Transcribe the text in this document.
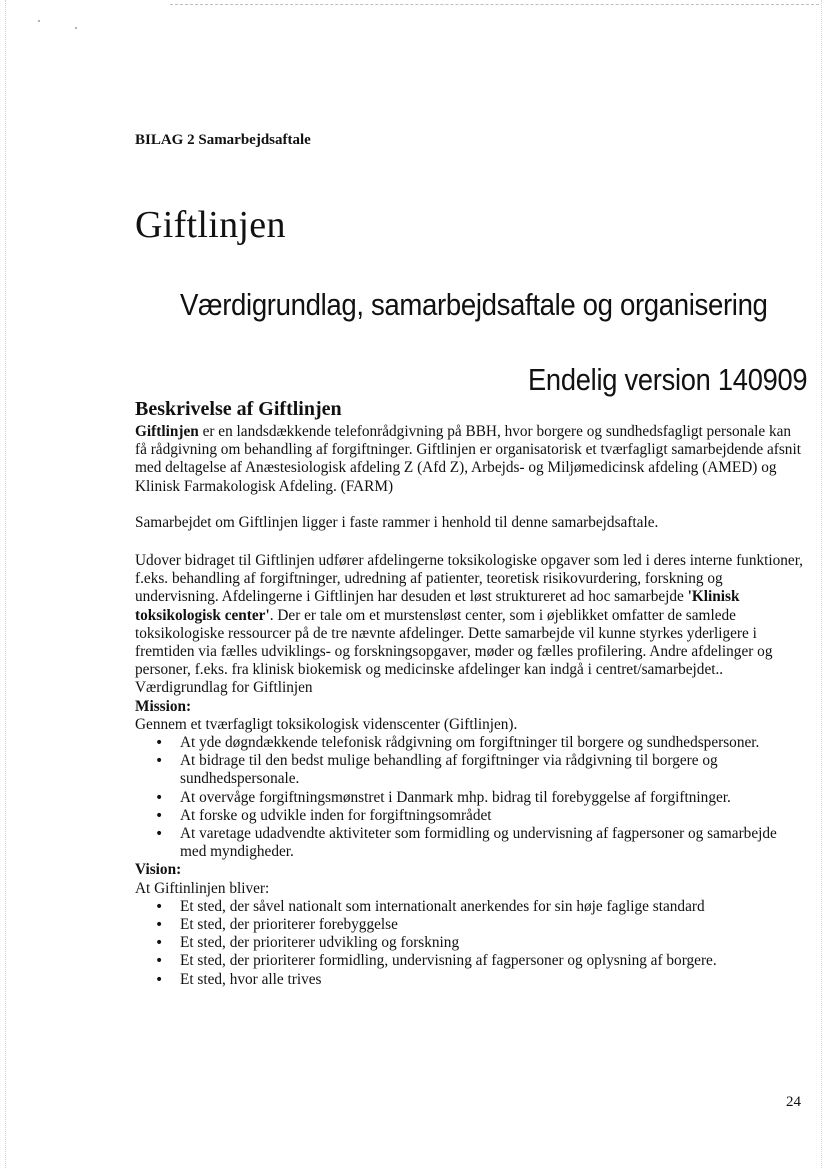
BILAG 2 Samarbejdsaftale
Giftlinjen
Værdigrundlag, samarbejdsaftale og organisering
Endelig version 140909
Beskrivelse af Giftlinjen

Giftlinjen er en landsdækkende telefonrådgivning på BBH, hvor borgere og sundhedsfagligt personale kan få rådgivning om behandling af forgiftninger. Giftlinjen er organisatorisk et tværfagligt samarbejdende afsnit med deltagelse af Anæstesiologisk afdeling Z (Afd Z), Arbejds- og Miljømedicinsk afdeling (AMED) og Klinisk Farmakologisk Afdeling. (FARM)

Samarbejdet om Giftlinjen ligger i faste rammer i henhold til denne samarbejdsaftale.

Udover bidraget til Giftlinjen udfører afdelingerne toksikologiske opgaver som led i deres interne funktioner, f.eks. behandling af forgiftninger, udredning af patienter, teoretisk risikovurdering, forskning og undervisning. Afdelingerne i Giftlinjen har desuden et løst struktureret ad hoc samarbejde 'Klinisk toksikologisk center'. Der er tale om et murstensløst center, som i øjeblikket omfatter de samlede toksikologiske ressourcer på de tre nævnte afdelinger. Dette samarbejde vil kunne styrkes yderligere i fremtiden via fælles udviklings- og forskningsopgaver, møder og fælles profilering. Andre afdelinger og personer, f.eks. fra klinisk biokemisk og medicinske afdelinger kan indgå i centret/samarbejdet..

Værdigrundlag for Giftlinjen

Mission:

Gennem et tværfagligt toksikologisk videnscenter (Giftlinjen).

• At yde døgndækkende telefonisk rådgivning om forgiftninger til borgere og sundhedspersoner.
• At bidrage til den bedst mulige behandling af forgiftninger via rådgivning til borgere og sundhedspersonale.
• At overvåge forgiftningsmønstret i Danmark mhp. bidrag til forebyggelse af forgiftninger.
• At forske og udvikle inden for forgiftningsområdet
• At varetage udadvendte aktiviteter som formidling og undervisning af fagpersoner og samarbejde med myndigheder.

Vision:

At Giftinlinjen bliver:

• Et sted, der såvel nationalt som internationalt anerkendes for sin høje faglige standard
• Et sted, der prioriterer forebyggelse
• Et sted, der prioriterer udvikling og forskning
• Et sted, der prioriterer formidling, undervisning af fagpersoner og oplysning af borgere.
• Et sted, hvor alle trives
24
